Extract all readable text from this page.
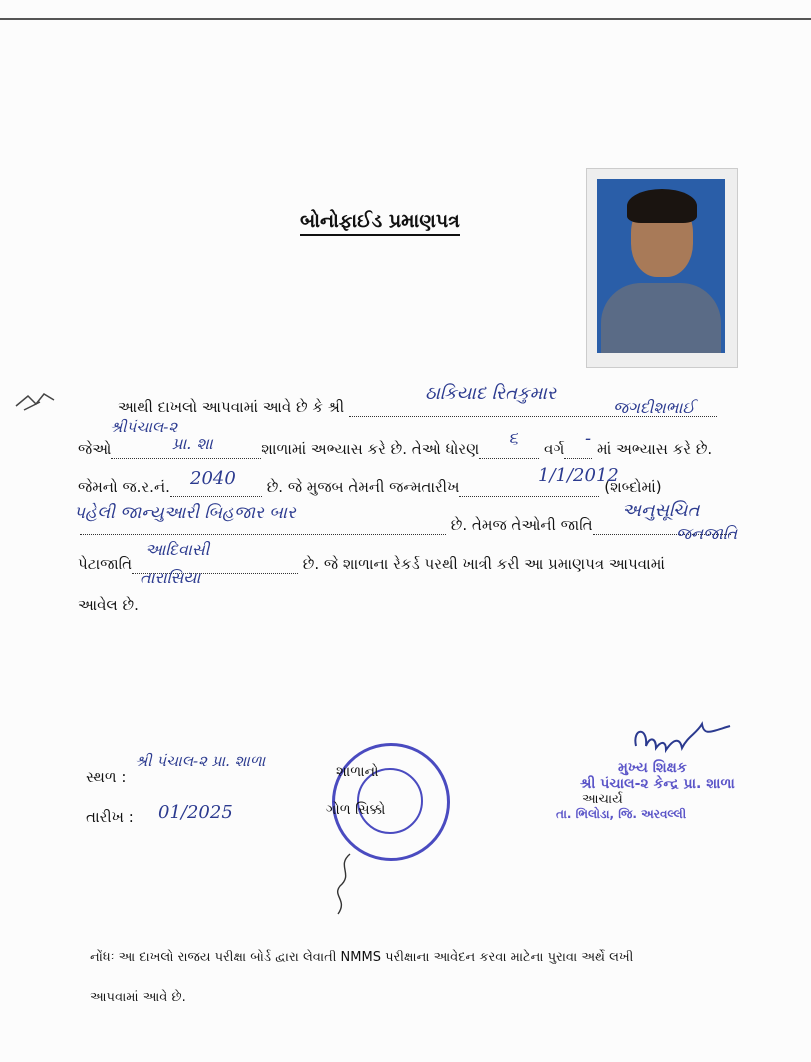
બોનોફાઈડ પ્રમાણપત્ર
આથી દાખલો આપવામાં આવે છે કે શ્રી
ઠાકિયાદ રિતકુમાર
જગદીશભાઈ
જેઓ	શાળામાં અભ્યાસ કરે છે. તેઓ ધોરણ	વર્ગ માં અભ્યાસ કરે છે.
શ્રીપંચાલ-૨
પ્રા. શા	૬	-
જેમનો જ.ર.નં.	છે. જે મુજબ તેમની જન્મતારીખ	(શબ્દોમાં)
2040	1/1/2012
છે. તેમજ તેઓની જાતિ
પહેલી જાન્યુઆરી બિહજાર બાર	અનુસૂચિત
જનજાતિ
પેટાજાતિ	છે. જે શાળાના રેકર્ડ પરથી ખાત્રી કરી આ પ્રમાણપત્ર આપવામાં
આદિવાસી
તારાસિયા
આવેલ છે.
સ્થળ :
શ્રી પંચાલ-૨ પ્રા. શાળા
તારીખ : 01/2025
શાળાનો
ગોળ સિક્કો
મુખ્ય શિક્ષક
શ્રી પંચાલ-૨ કેન્દ્ર પ્રા. શાળા
આચાર્ય
તા. ભિલોડા, જિ. અરવલ્લી
નોંધઃ આ દાખલો રાજય પરીક્ષા બોર્ડ દ્વારા લેવાતી NMMS પરીક્ષાના આવેદન કરવા માટેના પુરાવા અર્થે લખી
આપવામાં આવે છે.
